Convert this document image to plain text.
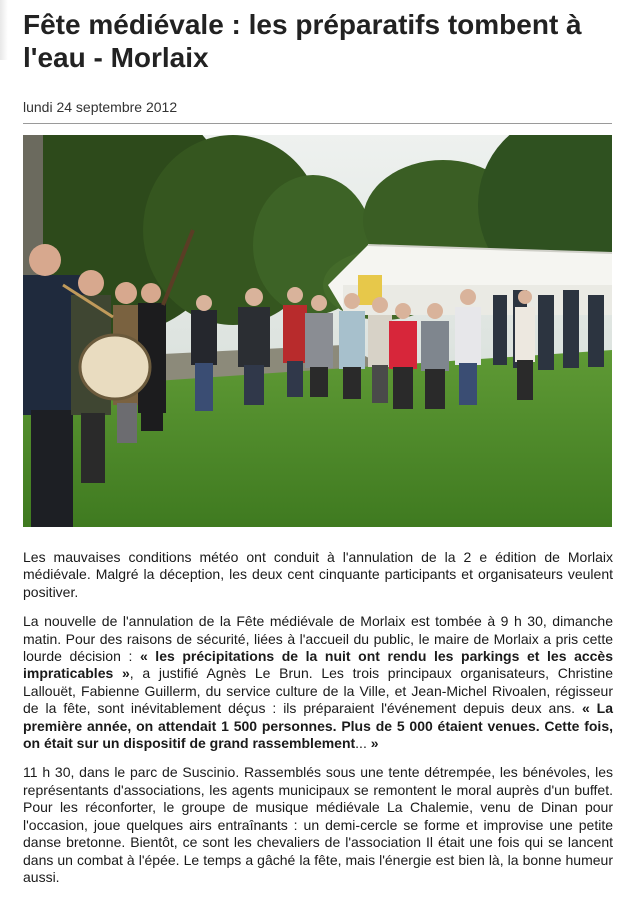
Fête médiévale : les préparatifs tombent à l'eau - Morlaix
lundi 24 septembre 2012

Les mauvaises conditions météo ont conduit à l'annulation de la 2 e édition de Morlaix médiévale. Malgré la déception, les deux cent cinquante participants et organisateurs veulent positiver.

La nouvelle de l'annulation de la Fête médiévale de Morlaix est tombée à 9 h 30, dimanche matin. Pour des raisons de sécurité, liées à l'accueil du public, le maire de Morlaix a pris cette lourde décision : « les précipitations de la nuit ont rendu les parkings et les accès impraticables », a justifié Agnès Le Brun. Les trois principaux organisateurs, Christine Lallouët, Fabienne Guillerm, du service culture de la Ville, et Jean-Michel Rivoalen, régisseur de la fête, sont inévitablement déçus : ils préparaient l'événement depuis deux ans. « La première année, on attendait 1 500 personnes. Plus de 5 000 étaient venues. Cette fois, on était sur un dispositif de grand rassemblement... »

11 h 30, dans le parc de Suscinio. Rassemblés sous une tente détrempée, les bénévoles, les représentants d'associations, les agents municipaux se remontent le moral auprès d'un buffet. Pour les réconforter, le groupe de musique médiévale La Chalemie, venu de Dinan pour l'occasion, joue quelques airs entraînants : un demi-cercle se forme et improvise une petite danse bretonne. Bientôt, ce sont les chevaliers de l'association Il était une fois qui se lancent dans un combat à l'épée. Le temps a gâché la fête, mais l'énergie est bien là, la bonne humeur aussi.
